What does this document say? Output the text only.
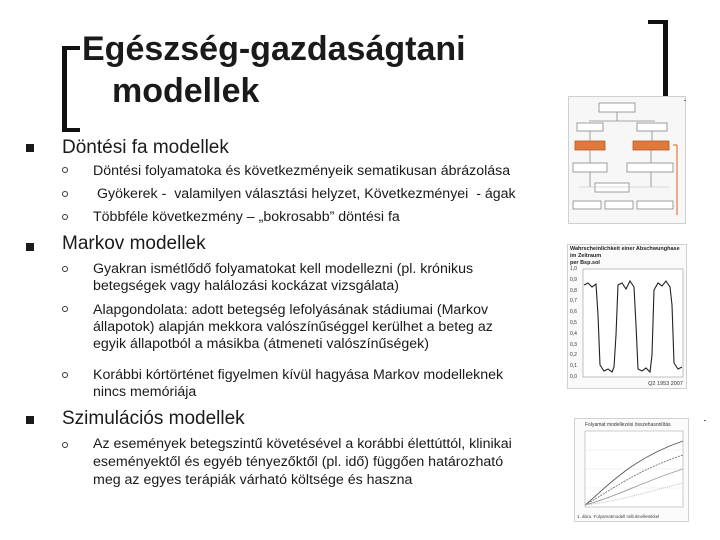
Egészség-gazdaságtani
modellek
Döntési fa modellek
Döntési folyamatoka és következményeik sematikusan ábrázolása
Gyökerek -  valamilyen választási helyzet, Következményei  - ágak
Többféle következmény – „bokrosabb” döntési fa
Markov modellek
Gyakran ismétlődő folyamatokat kell modellezni (pl. krónikus
betegségek vagy halálozási kockázat vizsgálata)
Alapgondolata: adott betegség lefolyásának stádiumai (Markov
állapotok) alapján mekkora valószínűséggel kerülhet a beteg az
egyik állapotból a másikba (átmeneti valószínűségek)
Korábbi kórtörténet figyelmen kívül hagyása Markov modelleknek
nincs memóriája
Szimulációs modellek
Az események betegszintű követésével a korábbi élettúttól, klinikai
eseményektől és egyéb tényezőktől (pl. idő) függően határozható
meg az egyes terápiák várható költsége és haszna
Wahrscheinlichkeit einer Abschwunghase
im Zeitraum
per Bsp.sol
1,0
0,9
0,8
0,7
0,6
0,5
0,4
0,3
0,2
0,1
0,0
Q2 1953 2007
Folyamat modellezési összehasonlítás
1. ábra. Folyamatmodell milluknelletekkel
